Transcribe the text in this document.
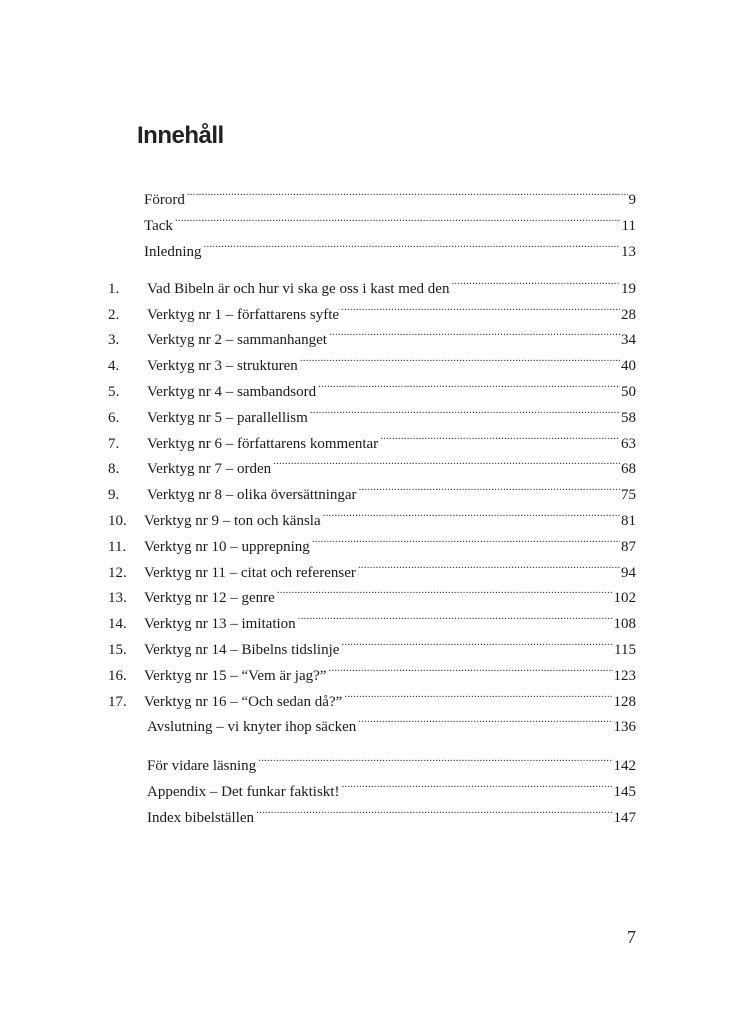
Innehåll
Förord .....	9
Tack .....	11
Inledning .....	13
1.	Vad Bibeln är och hur vi ska ge oss i kast med den .....	19
2.	Verktyg nr 1 – författarens syfte .....	28
3.	Verktyg nr 2 – sammanhanget .....	34
4.	Verktyg nr 3 – strukturen .....	40
5.	Verktyg nr 4 – sambandsord .....	50
6.	Verktyg nr 5 – parallellism .....	58
7.	Verktyg nr 6 – författarens kommentar .....	63
8.	Verktyg nr 7 – orden .....	68
9.	Verktyg nr 8 – olika översättningar .....	75
10.	Verktyg nr 9 – ton och känsla .....	81
11.	Verktyg nr 10 – upprepning .....	87
12.	Verktyg nr 11 – citat och referenser .....	94
13.	Verktyg nr 12 – genre .....	102
14.	Verktyg nr 13 – imitation .....	108
15.	Verktyg nr 14 – Bibelns tidslinje .....	115
16.	Verktyg nr 15 – “Vem är jag?” .....	123
17.	Verktyg nr 16 – “Och sedan då?” .....	128
Avslutning – vi knyter ihop säcken .....	136
För vidare läsning .....	142
Appendix – Det funkar faktiskt! .....	145
Index bibelställen .....	147
7
